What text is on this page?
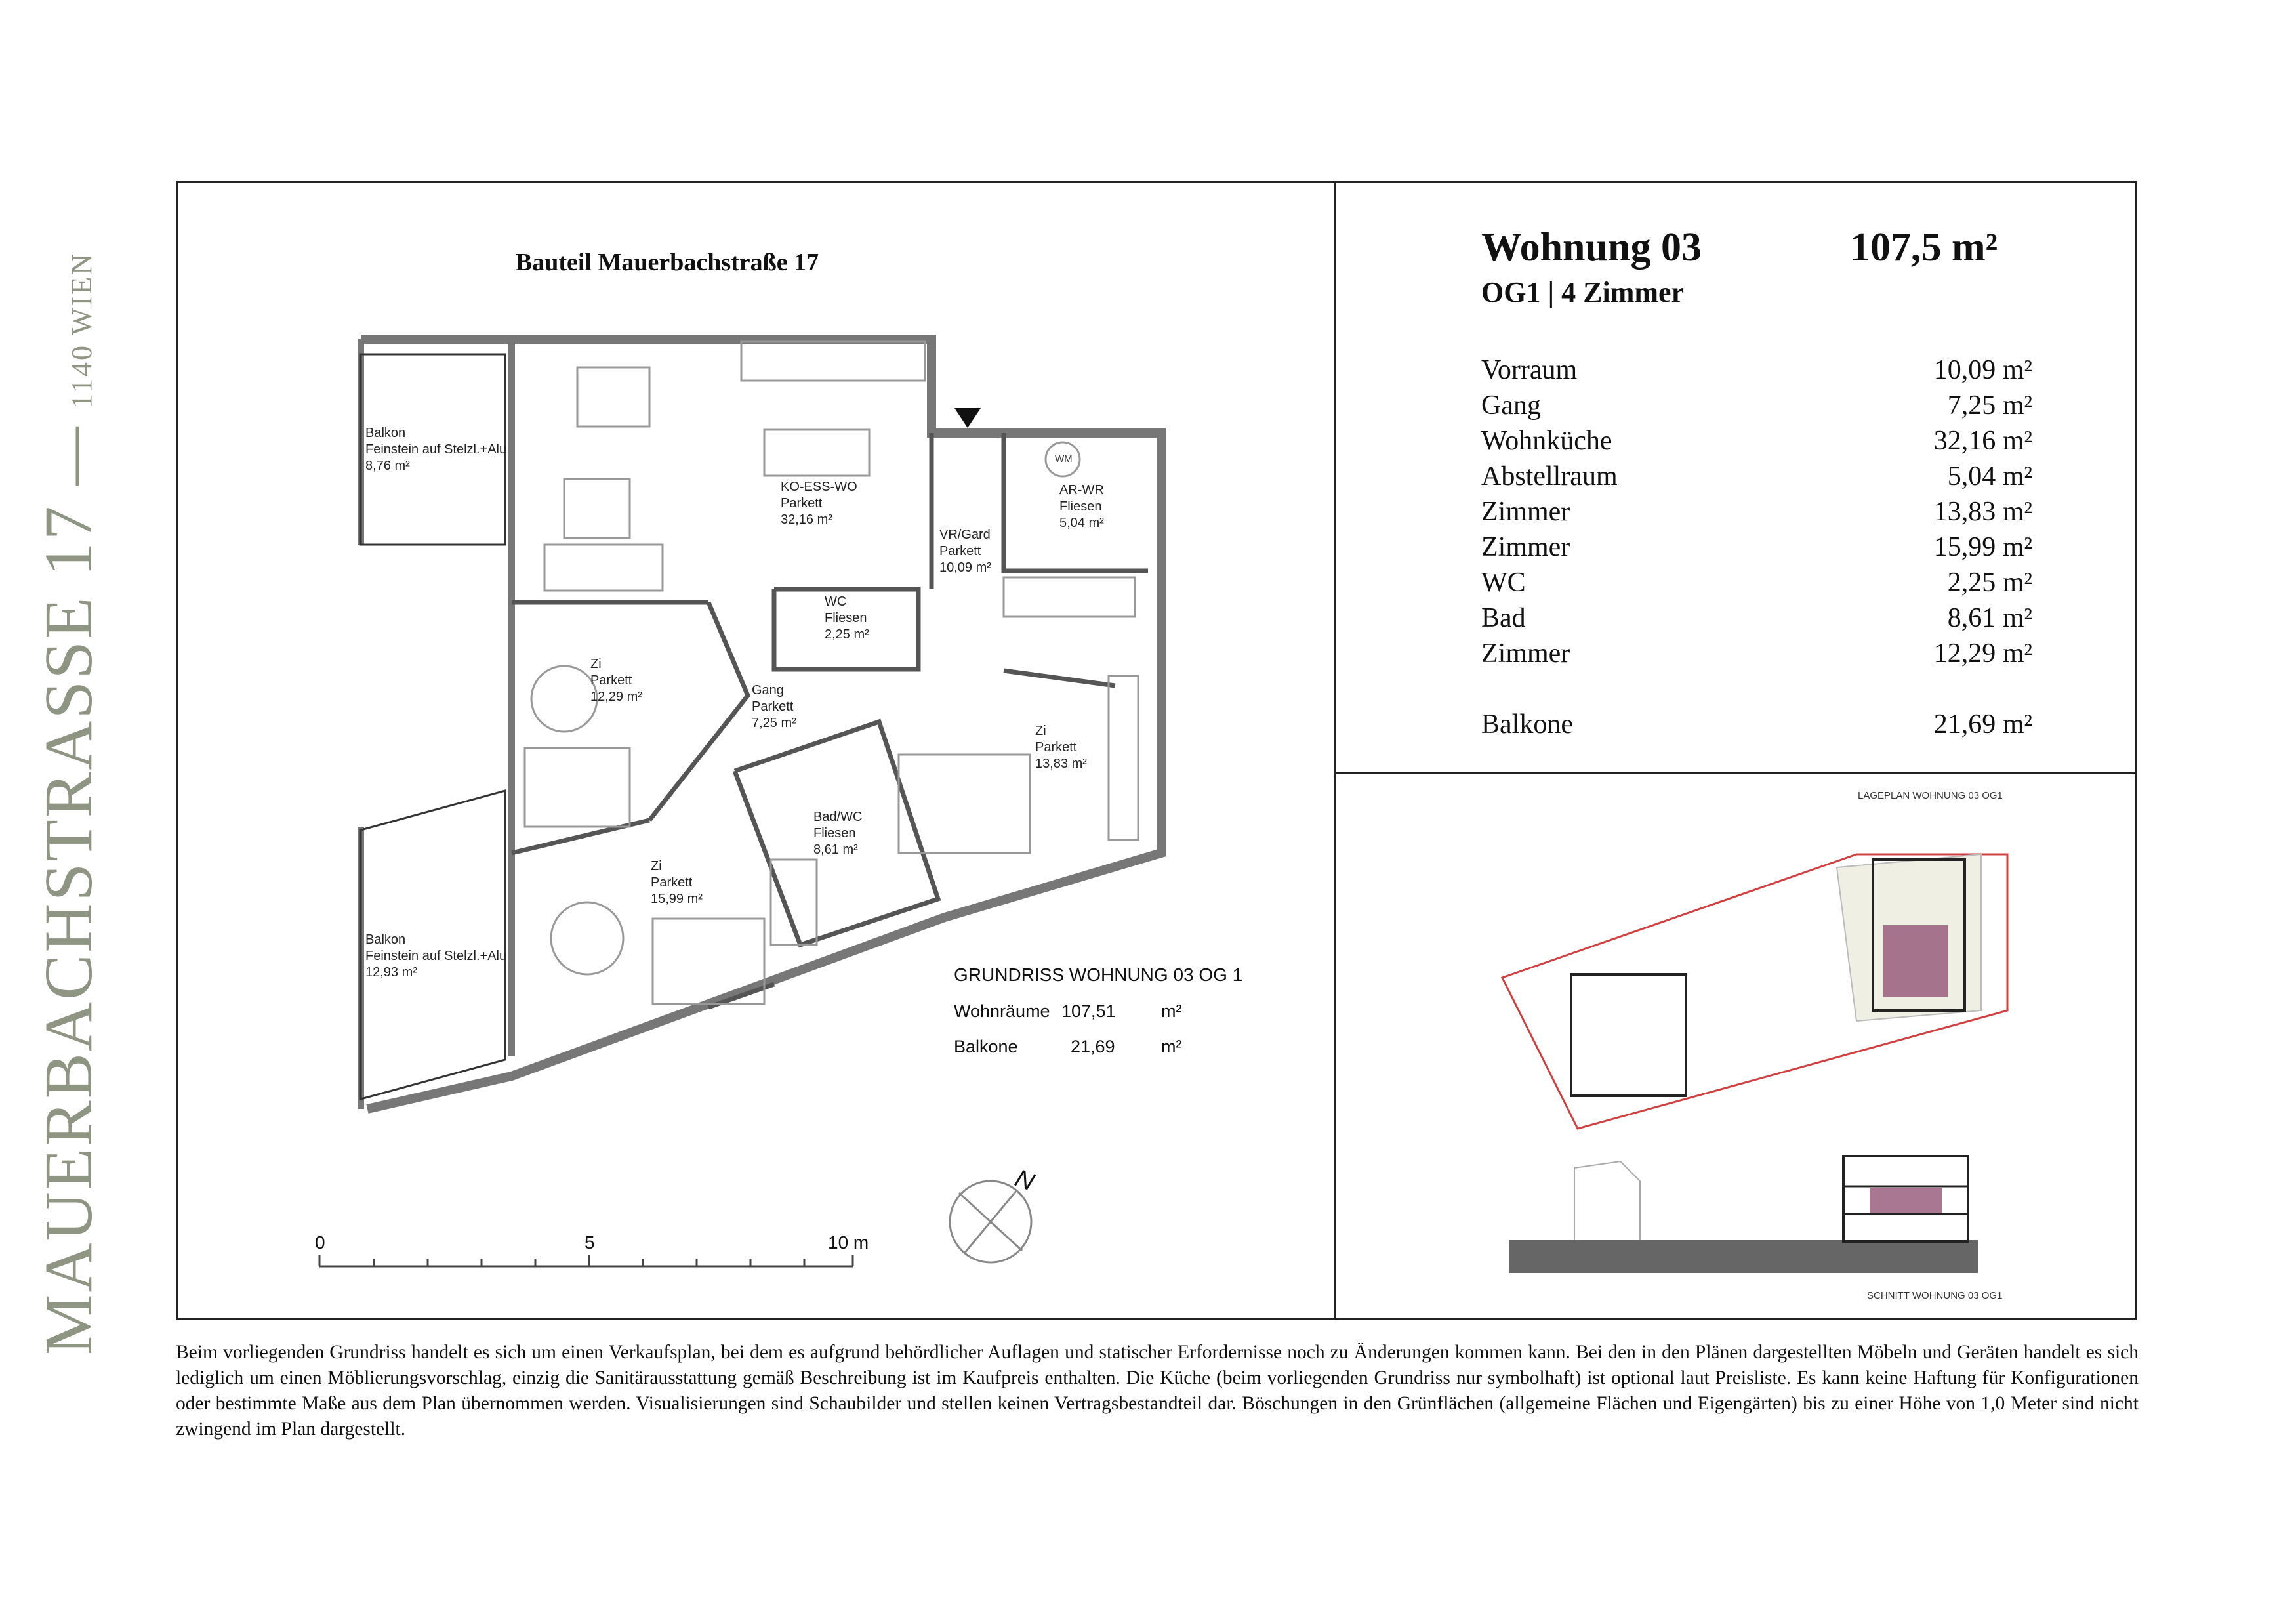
MAUERBACHSTRASSE 17
—
1140 WIEN	Bauteil Mauerbachstraße 17
Balkon
Feinstein auf Stelzl.+Alu
8,76 m²
Balkon
Feinstein auf Stelzl.+Alu
12,93 m²
KO-ESS-WO
Parkett
32,16 m²
VR/Gard
Parkett
10,09 m²
AR-WR
Fliesen
5,04 m²
WM
WC
Fliesen
2,25 m²
Zi
Parkett
12,29 m²	Gang
Parkett
7,25 m²
Zi
Parkett
13,83 m²
Bad/WC
Fliesen
8,61 m²
Zi
Parkett
15,99 m²
GRUNDRISS WOHNUNG 03 OG 1
Wohnräume 107,51	m²
Balkone	21,69	m²
0	5	10 m
N
Wohnung 03	107,5 m²
OG1 | 4 Zimmer
Vorraum	10,09 m²
Gang	7,25 m²
Wohnküche	32,16 m²
Abstellraum	5,04 m²
Zimmer	13,83 m²
Zimmer	15,99 m²
WC	2,25 m²
Bad	8,61 m²
Zimmer	12,29 m²
Balkone	21,69 m²
LAGEPLAN WOHNUNG 03 OG1
SCHNITT WOHNUNG 03 OG1
Beim vorliegenden Grundriss handelt es sich um einen Verkaufsplan, bei dem es aufgrund behördlicher Auflagen und statischer Erfordernisse noch zu Änderungen kommen kann. Bei den in den Plänen dargestellten Möbeln und Geräten handelt es sich lediglich um einen Möblierungsvorschlag, einzig die Sanitärausstattung gemäß Beschreibung ist im Kaufpreis enthalten. Die Küche (beim vorliegenden Grundriss nur symbolhaft) ist optional laut Preisliste. Es kann keine Haftung für Konfigurationen oder bestimmte Maße aus dem Plan übernommen werden. Visualisierungen sind Schaubilder und stellen keinen Vertragsbestandteil dar. Böschungen in den Grünflächen (allgemeine Flächen und Eigengärten) bis zu einer Höhe von 1,0 Meter sind nicht zwingend im Plan dargestellt.
